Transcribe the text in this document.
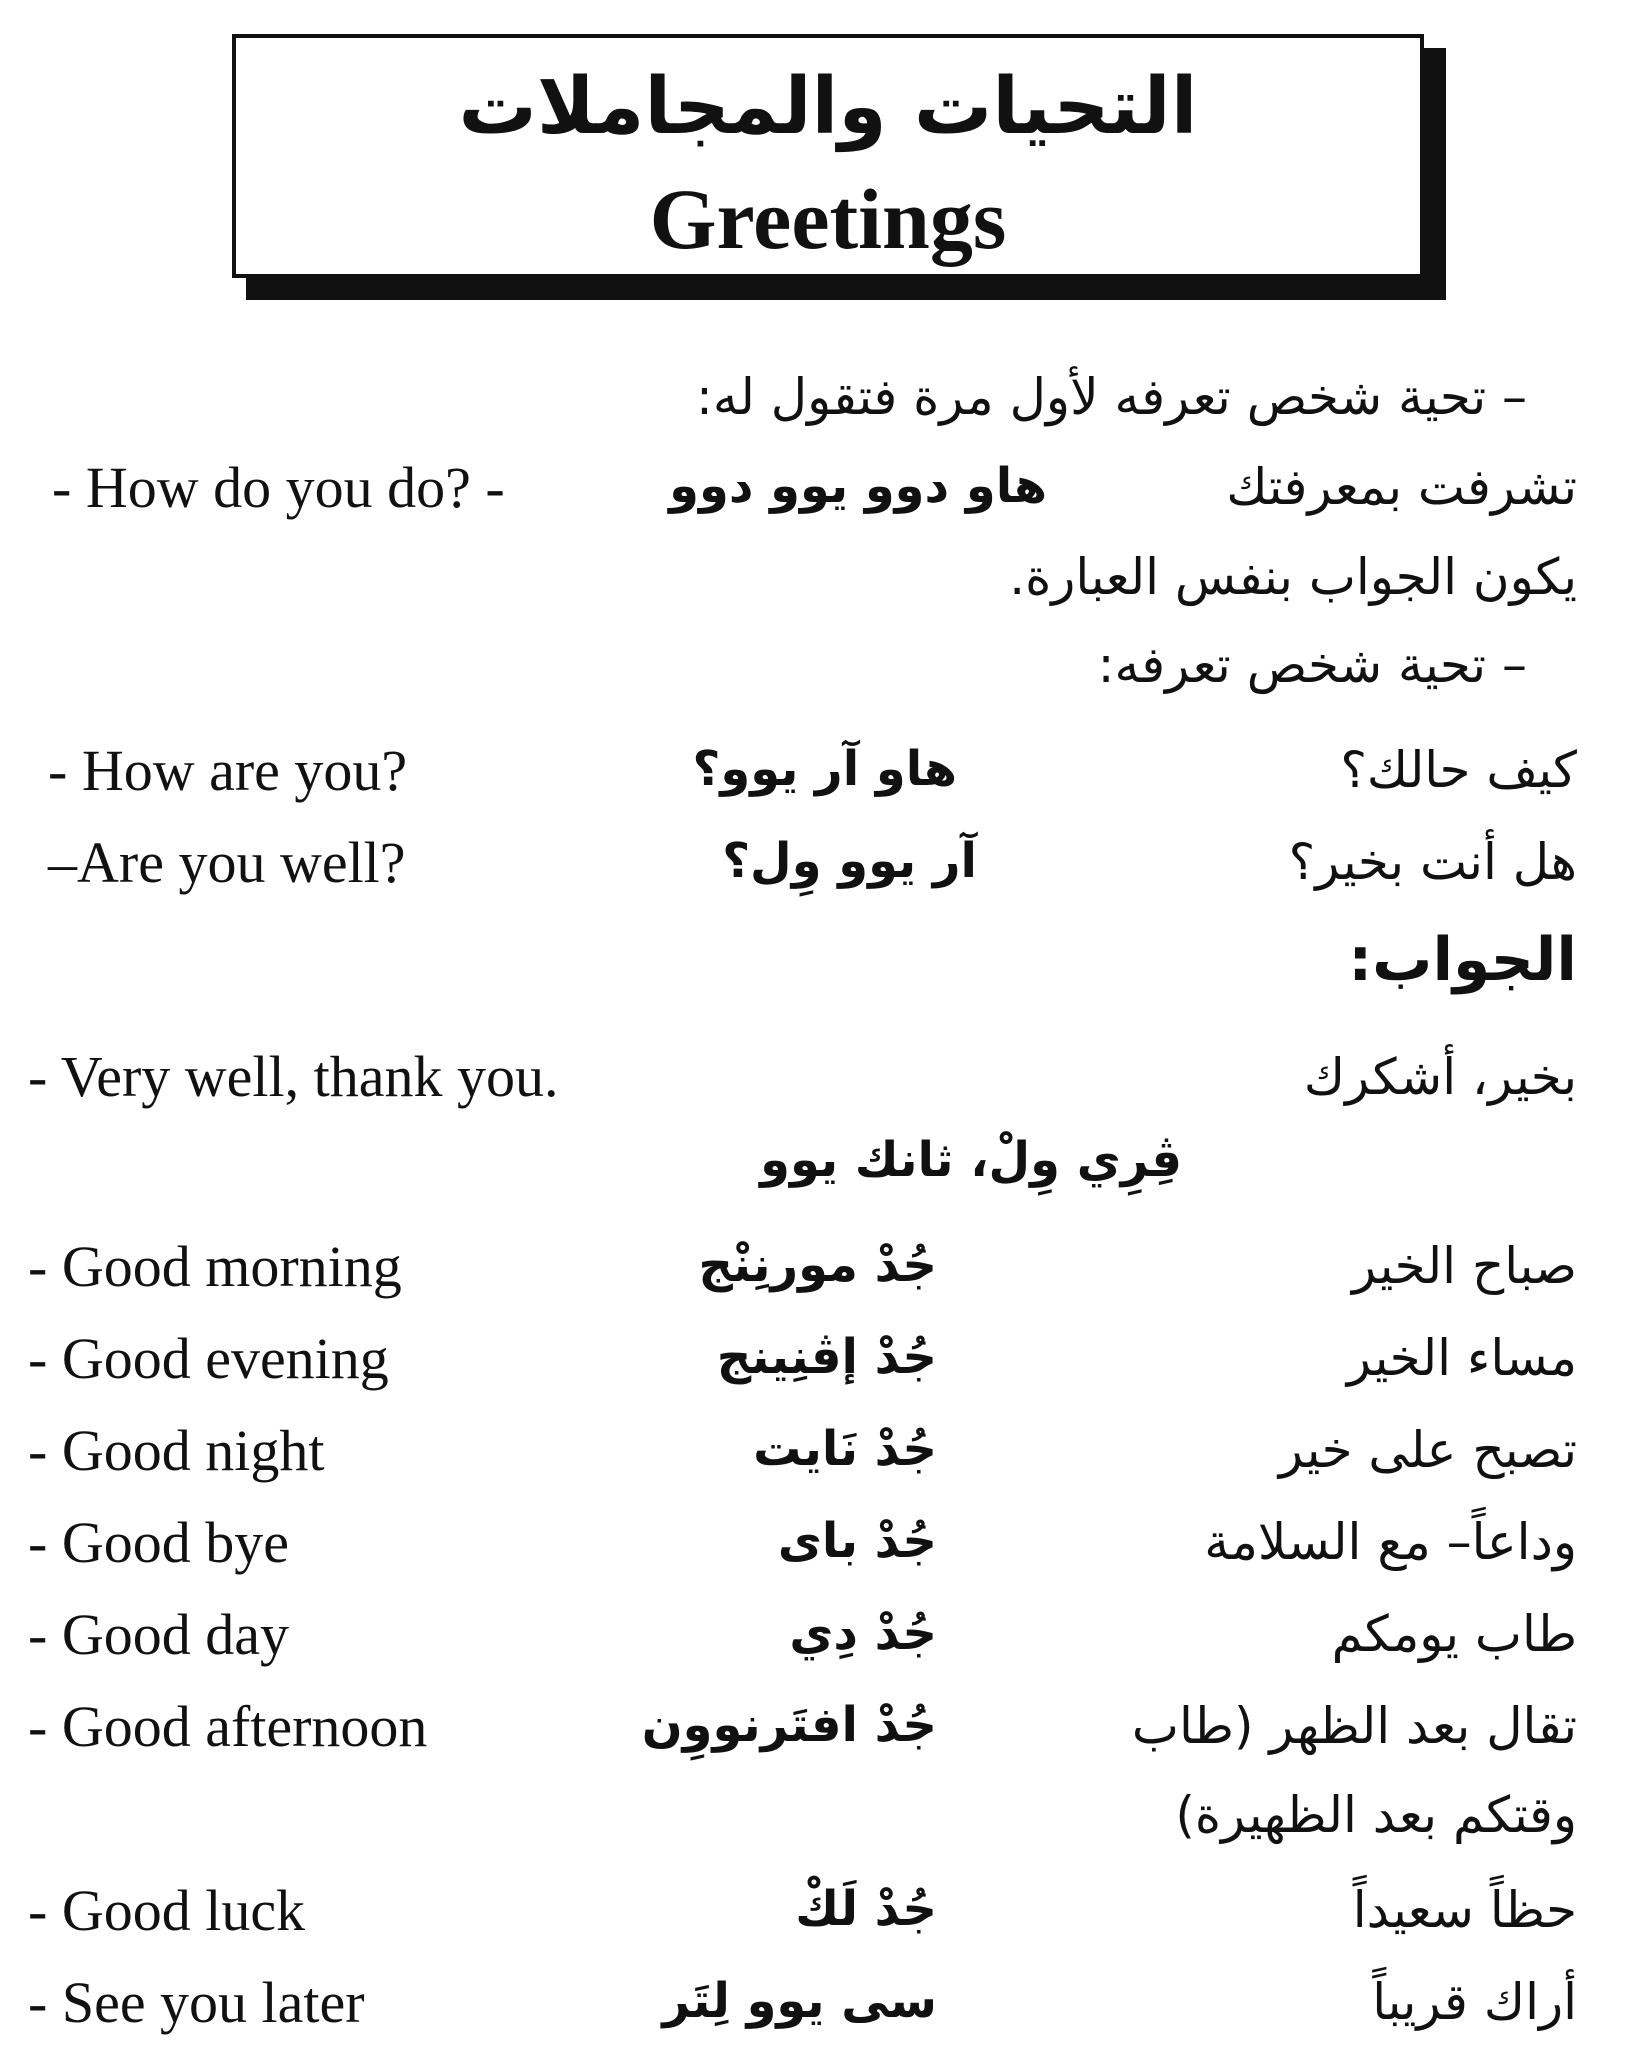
التحيات والمجاملات
Greetings
– تحية شخص تعرفه لأول مرة فتقول له:
- How do you do? -	هاو دوو يوو دوو	تشرفت بمعرفتك
يكون الجواب بنفس العبارة.
– تحية شخص تعرفه:
- How are you?	هاو آر يوو؟	كيف حالك؟
–Are you well?	آر يوو وِل؟	هل أنت بخير؟
الجواب:
- Very well, thank you.	بخير، أشكرك
ڤِرِي وِلْ، ثانك يوو
- Good morning	جُدْ مورنِنْج	صباح الخير
- Good evening	جُدْ إڤنِينج	مساء الخير
- Good night	جُدْ نَايت	تصبح على خير
- Good bye	جُدْ باى	وداعاً– مع السلامة
- Good day	جُدْ دِي	طاب يومكم
- Good afternoon	جُدْ افتَرنووِن	تقال بعد الظهر (طاب
وقتكم بعد الظهيرة)
- Good luck	جُدْ لَكْ	حظاً سعيداً
- See you later	سى يوو لِتَر	أراك قريباً
